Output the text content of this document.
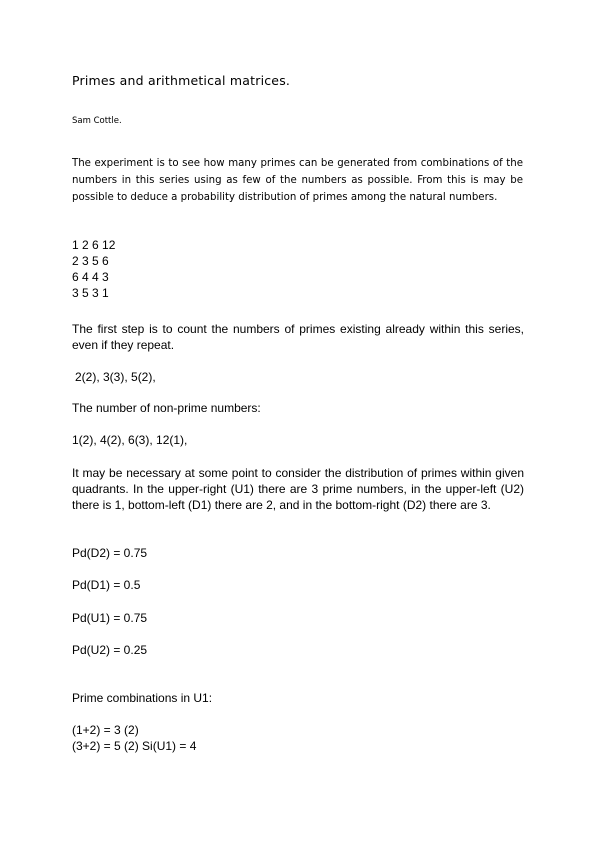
Primes and arithmetical matrices.
Sam Cottle.

The experiment is to see how many primes can be generated from combinations of the numbers in this series using as few of the numbers as possible. From this is may be possible to deduce a probability distribution of primes among the natural numbers.

1 2 6 12
2 3 5 6
6 4 4 3
3 5 3 1

The first step is to count the numbers of primes existing already within this series, even if they repeat.

2(2), 3(3), 5(2),

The number of non-prime numbers:

1(2), 4(2), 6(3), 12(1),

It may be necessary at some point to consider the distribution of primes within given quadrants. In the upper-right (U1) there are 3 prime numbers, in the upper-left (U2) there is 1, bottom-left (D1) there are 2, and in the bottom-right (D2) there are 3.

Pd(D2) = 0.75

Pd(D1) = 0.5

Pd(U1) = 0.75

Pd(U2) = 0.25

Prime combinations in U1:

(1+2) = 3 (2)

(3+2) = 5 (2) Si(U1) = 4
